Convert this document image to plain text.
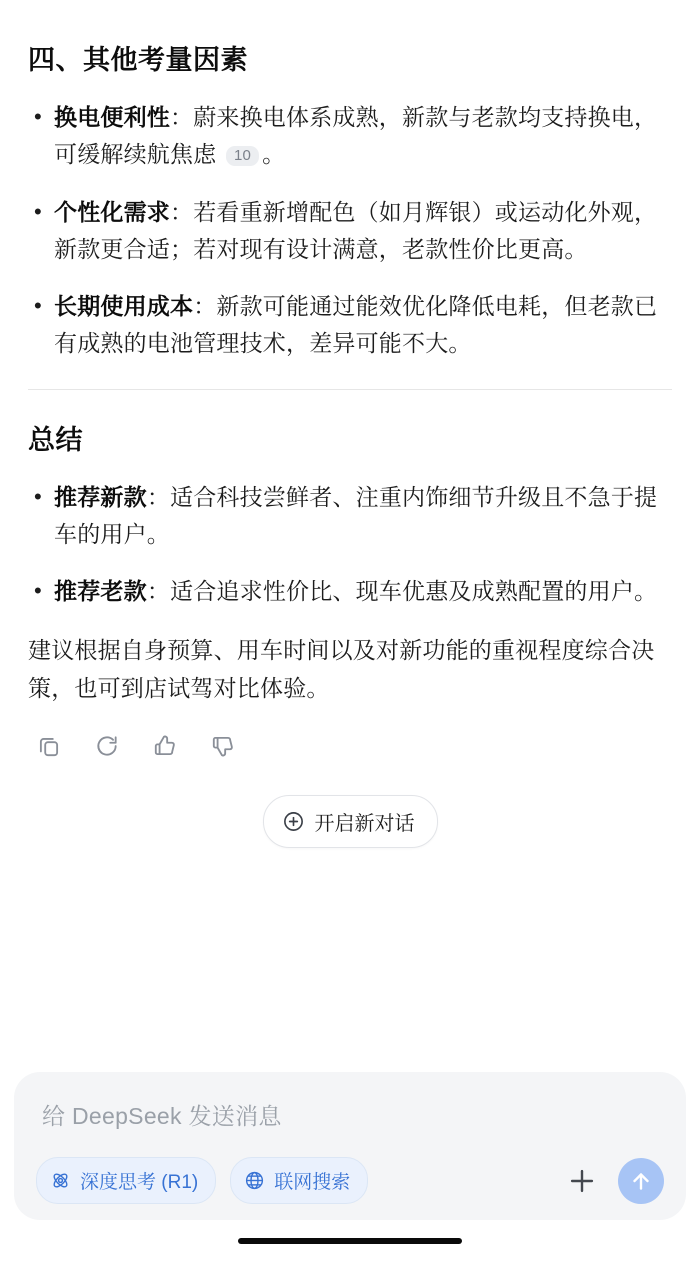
四、其他考量因素
• 换电便利性：蔚来换电体系成熟，新款与老款均支持换电，可缓解续航焦虑 10 。
• 个性化需求：若看重新增配色（如月辉银）或运动化外观，新款更合适；若对现有设计满意，老款性价比更高。
• 长期使用成本：新款可能通过能效优化降低电耗，但老款已有成熟的电池管理技术，差异可能不大。
总结
• 推荐新款：适合科技尝鲜者、注重内饰细节升级且不急于提车的用户。
• 推荐老款：适合追求性价比、现车优惠及成熟配置的用户。

建议根据自身预算、用车时间以及对新功能的重视程度综合决策，也可到店试驾对比体验。

开启新对话
给 DeepSeek 发送消息
深度思考 (R1)	联网搜索
